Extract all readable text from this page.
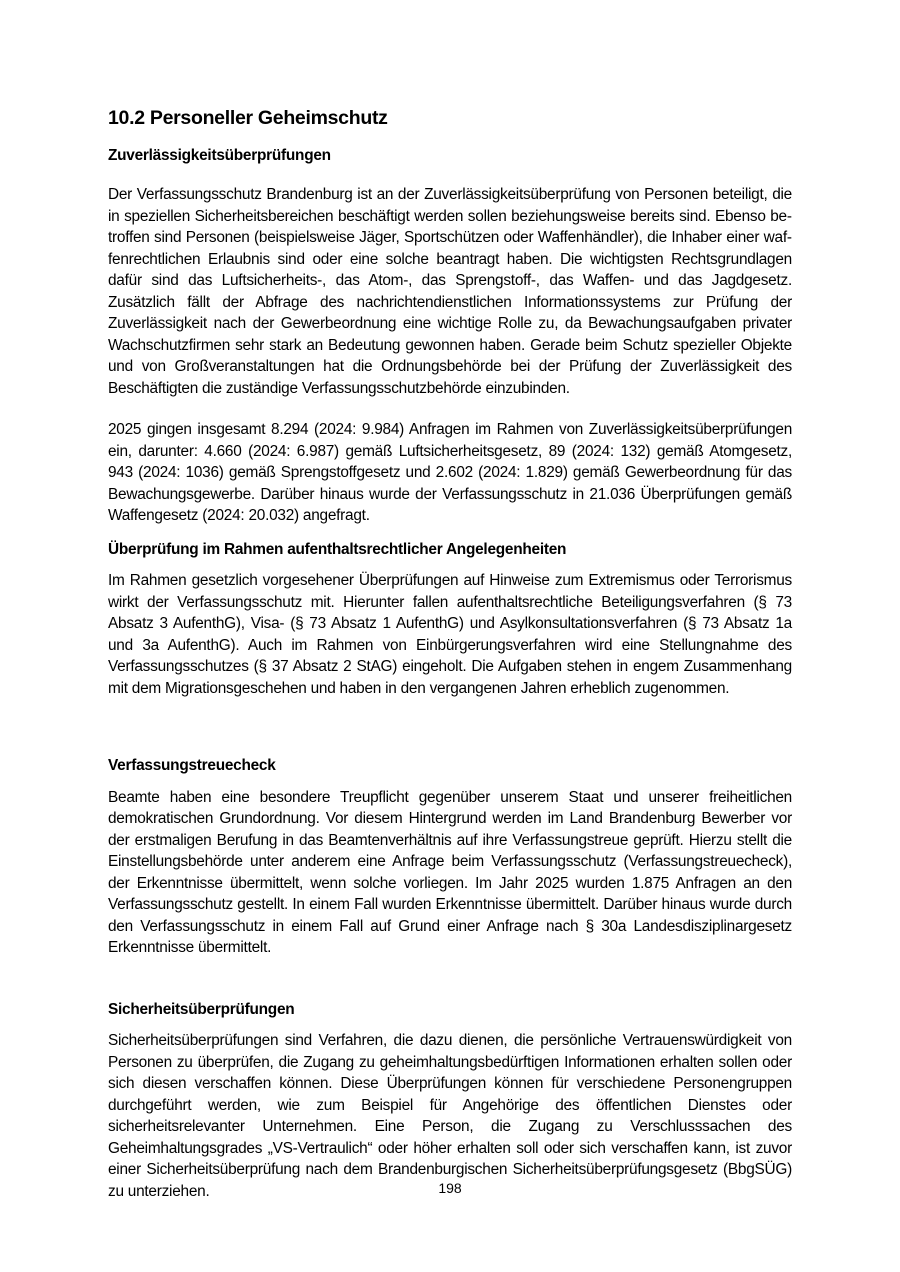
10.2 Personeller Geheimschutz
Zuverlässigkeitsüberprüfungen

Der Verfassungsschutz Brandenburg ist an der Zuverlässigkeitsüberprüfung von Personen beteiligt, die in speziellen Sicherheitsbereichen beschäftigt werden sollen beziehungsweise bereits sind. Ebenso betroffen sind Personen (beispielsweise Jäger, Sportschützen oder Waffenhändler), die Inhaber einer waffenrechtlichen Erlaubnis sind oder eine solche beantragt haben. Die wichtigsten Rechtsgrundlagen dafür sind das Luftsicherheits-, das Atom-, das Sprengstoff-, das Waffen- und das Jagdgesetz. Zusätzlich fällt der Abfrage des nachrichtendienstlichen Informationssystems zur Prüfung der Zuverlässigkeit nach der Gewerbeordnung eine wichtige Rolle zu, da Bewachungsaufgaben privater Wachschutzfirmen sehr stark an Bedeutung gewonnen haben. Gerade beim Schutz spezieller Objekte und von Großveranstaltungen hat die Ordnungsbehörde bei der Prüfung der Zuverlässigkeit des Beschäftigten die zuständige Verfassungsschutzbehörde einzubinden.

2025 gingen insgesamt 8.294 (2024: 9.984) Anfragen im Rahmen von Zuverlässigkeitsüberprüfungen ein, darunter: 4.660 (2024: 6.987) gemäß Luftsicherheitsgesetz, 89 (2024: 132) gemäß Atomgesetz, 943 (2024: 1036) gemäß Sprengstoffgesetz und 2.602 (2024: 1.829) gemäß Gewerbeordnung für das Bewachungsgewerbe. Darüber hinaus wurde der Verfassungsschutz in 21.036 Überprüfungen gemäß Waffengesetz (2024: 20.032) angefragt.

Überprüfung im Rahmen aufenthaltsrechtlicher Angelegenheiten

Im Rahmen gesetzlich vorgesehener Überprüfungen auf Hinweise zum Extremismus oder Terrorismus wirkt der Verfassungsschutz mit. Hierunter fallen aufenthaltsrechtliche Beteiligungsverfahren (§ 73 Absatz 3 AufenthG), Visa- (§ 73 Absatz 1 AufenthG) und Asylkonsultationsverfahren (§ 73 Absatz 1a und 3a AufenthG). Auch im Rahmen von Einbürgerungsverfahren wird eine Stellungnahme des Verfassungsschutzes (§ 37 Absatz 2 StAG) eingeholt. Die Aufgaben stehen in engem Zusammenhang mit dem Migrationsgeschehen und haben in den vergangenen Jahren erheblich zugenommen.

Verfassungstreuecheck

Beamte haben eine besondere Treupflicht gegenüber unserem Staat und unserer freiheitlichen demokratischen Grundordnung. Vor diesem Hintergrund werden im Land Brandenburg Bewerber vor der erstmaligen Berufung in das Beamtenverhältnis auf ihre Verfassungstreue geprüft. Hierzu stellt die Einstellungsbehörde unter anderem eine Anfrage beim Verfassungsschutz (Verfassungstreuecheck), der Erkenntnisse übermittelt, wenn solche vorliegen. Im Jahr 2025 wurden 1.875 Anfragen an den Verfassungsschutz gestellt. In einem Fall wurden Erkenntnisse übermittelt. Darüber hinaus wurde durch den Verfassungsschutz in einem Fall auf Grund einer Anfrage nach § 30a Landesdisziplinargesetz Erkenntnisse übermittelt.

Sicherheitsüberprüfungen

Sicherheitsüberprüfungen sind Verfahren, die dazu dienen, die persönliche Vertrauenswürdigkeit von Personen zu überprüfen, die Zugang zu geheimhaltungsbedürftigen Informationen erhalten sollen oder sich diesen verschaffen können. Diese Überprüfungen können für verschiedene Personengruppen durchgeführt werden, wie zum Beispiel für Angehörige des öffentlichen Dienstes oder sicherheitsrelevanter Unternehmen. Eine Person, die Zugang zu Verschlusssachen des Geheimhaltungsgrades „VS-Vertraulich“ oder höher erhalten soll oder sich verschaffen kann, ist zuvor einer Sicherheitsüberprüfung nach dem Brandenburgischen Sicherheitsüberprüfungsgesetz (BbgSÜG) zu unterziehen.	198
